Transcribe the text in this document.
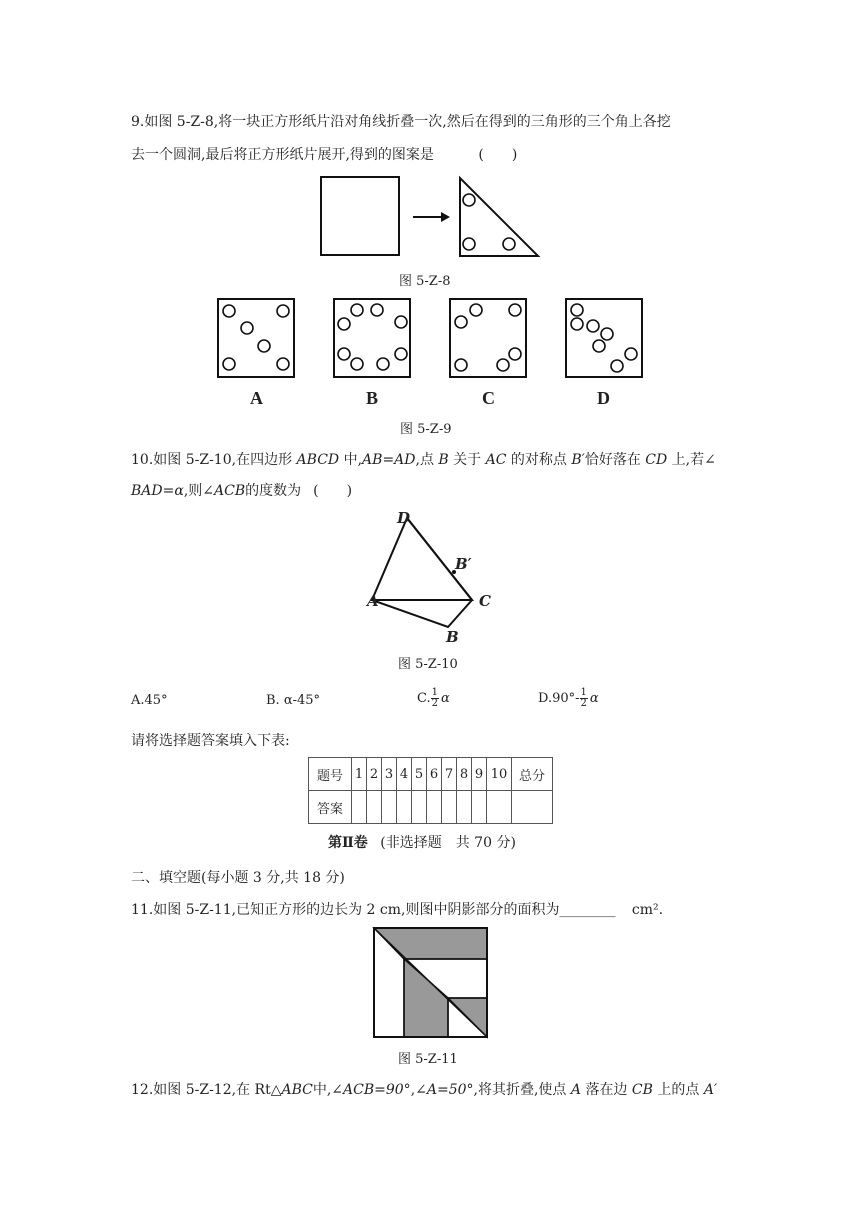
9.如图 5-Z-8,将一块正方形纸片沿对角线折叠一次,然后在得到的三角形的三个角上各挖
去一个圆洞,最后将正方形纸片展开,得到的图案是	(　　)
图 5-Z-8
A	B	C	D
图 5-Z-9
10.如图 5-Z-10,在四边形 ABCD 中,AB=AD,点 B 关于 AC 的对称点 B′恰好落在 CD 上,若∠
BAD=α,则∠ACB的度数为 (　　)
D
B′
A	C
B
图 5-Z-10
A.45°	B. α-45°	C. $\frac{1}{2}$ α	$D.90^\circ- \frac{1}{2}$ α
请将选择题答案填入下表:
题号	1	2	3	4	5	6	7	8	9	10	总分
答案											
第Ⅱ卷 (非选择题　共 70 分)
二、填空题(每小题 3 分,共 18 分)
11.如图 5-Z-11,已知正方形的边长为 2 cm,则图中阴影部分的面积为________ cm².
图 5-Z-11
12.如图 5-Z-12,在 Rt△ABC中,∠ACB=90°,∠A=50°,将其折叠,使点 A 落在边 CB 上的点 A′
